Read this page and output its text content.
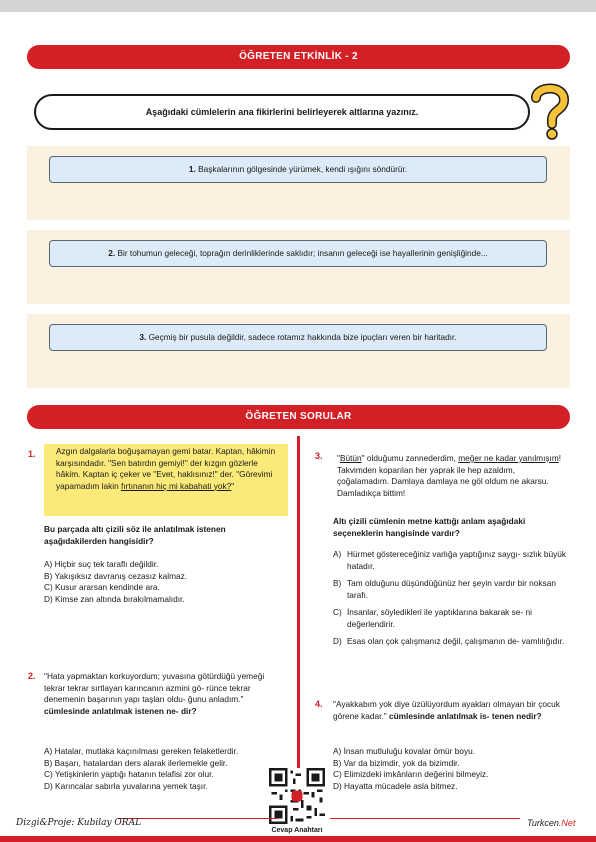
ÖĞRETEN ETKİNLİK - 2
Aşağıdaki cümlelerin ana fikirlerini belirleyerek altlarına yazınız.
1. Başkalarının gölgesinde yürümek, kendi ışığını söndürür.
2. Bir tohumun geleceği, toprağın derinliklerinde saklıdır; insanın geleceği ise hayallerinin genişliğinde...
3. Geçmiş bir pusula değildir, sadece rotamız hakkında bize ipuçları veren bir haritadır.
ÖĞRETEN SORULAR
1. Azgın dalgalarla boğuşamayan gemi batar. Kaptan, hâkimin karşısındadır. "Sen batırdın gemiyi!" der kızgın gözlerle hâkim. Kaptan iç çeker ve "Evet, haklısınız!" der. "Görevimi yapamadım lakin fırtınanın hiç mi kabahati yok?"
Bu parçada altı çizili söz ile anlatılmak istenen aşağıdakilerden hangisidir?
A) Hiçbir suç tek taraflı değildir.
B) Yakışıksız davranış cezasız kalmaz.
C) Kusur ararsan kendinde ara.
D) Kimse zan altında bırakılmamalıdır.
2. "Hata yapmaktan korkuyordum; yuvasına götürdüğü yemeği tekrar tekrar sırtlayan karıncanın azmini gö- rünce tekrar denemenin başarının yapı taşları oldu- ğunu anladım." cümlesinde anlatılmak istenen ne- dir?
A) Hatalar, mutlaka kaçınılması gereken felaketlerdir.
B) Başarı, hatalardan ders alarak ilerlemekle gelir.
C) Yetişkinlerin yaptığı hatanın telafisi zor olur.
D) Karıncalar sabırla yuvalarına yemek taşır.
3. "Bütün" olduğumu zannederdim, meğer ne kadar yanılmışım! Takvimden koparılan her yaprak ile hep azaldım, çoğalamadım. Damlaya damlaya ne göl oldum ne akarsu. Damladıkça bittim!
Altı çizili cümlenin metne kattığı anlam aşağıdaki seçeneklerin hangisinde vardır?
A) Hürmet göstereceğiniz varlığa yaptığınız saygı- sızlık büyük hatadır.
B) Tam olduğunu düşündüğünüz her şeyin vardır bir noksan tarafı.
C) İnsanlar, söyledikleri ile yaptıklarına bakarak se- ni değerlendirir.
D) Esas olan çok çalışmanız değil, çalışmanın de- vamlılığıdır.
4. "Ayakkabım yok diye üzülüyordum ayakları olmayan bir çocuk görene kadar." cümlesinde anlatılmak is- tenen nedir?
A) İnsan mutluluğu kovalar ömür boyu.
B) Var da bizimdir, yok da bizimdir.
C) Elimizdeki imkânların değerini bilmeyiz.
D) Hayatta mücadele asla bitmez.
Cevap Anahtarı
Dizgi&Proje: Kubilay ORAL	Turkcen.Net
